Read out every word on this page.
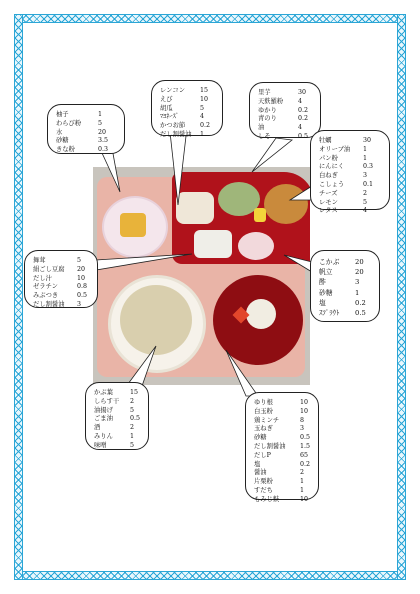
柚子	1
わらび粉	5
水	20
砂糖	3.5
きな粉	0.3
レンコン	15
えび	10
胡瓜	5
ﾏﾖﾈｰｽﾞ	4
かつお節	0.2
だし割醤油	1
里芋	30
天麩羅粉	4
ゆかり	0.2
青のり	0.2
油	4
しそ	0.5
牡蠣	30
オリーブ油	1
パン粉	1
にんにく	0.3
白ねぎ	3
こしょう	0.1
チーズ	2
レモン	5
レタス	4
舞茸	5
絹ごし豆腐	20
だし汁	10
ゼラチン	0.8
みぶつき	0.5
だし割醤油	3
こかぶ	20
帆立	20
酢	3
砂糖	1
塩	0.2
ｽﾌﾟﾗｳﾄ	0.5
かぶ葉	15
しらす干	2
油揚げ	5
ごま油	0.5
酒	2
みりん	1
味噌	5
ゆり根	10
白玉粉	10
鶏ミンチ	8
玉ねぎ	3
砂糖	0.5
だし割醤油	1.5
だしP	65
塩	0.2
醤油	2
片栗粉	1
すだち	1
もみじ麩	10
